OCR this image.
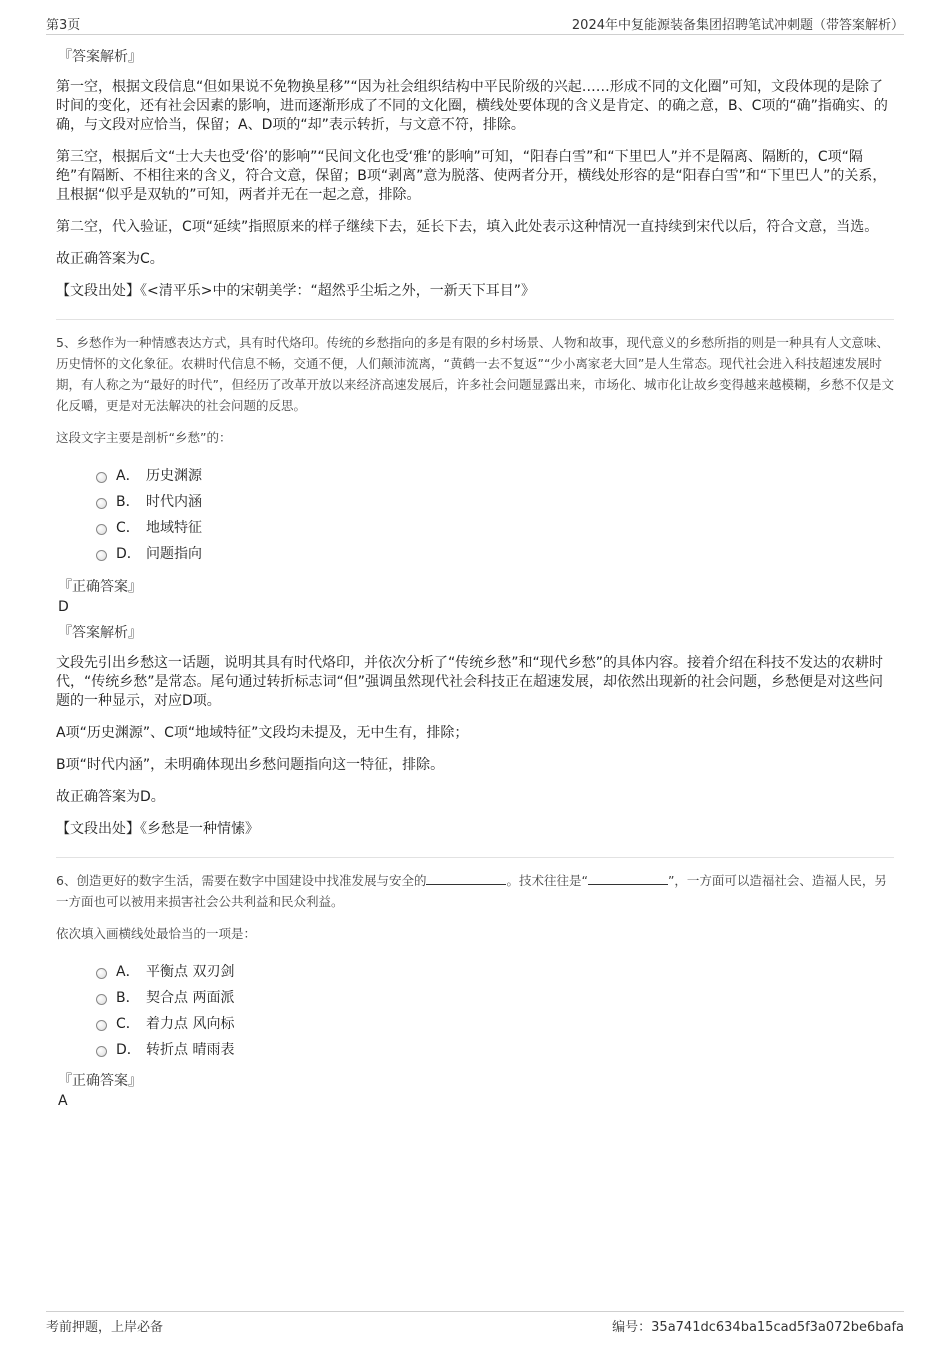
第3页	2024年中复能源装备集团招聘笔试冲刺题（带答案解析）
『答案解析』

第一空，根据文段信息“但如果说不免物换星移”“因为社会组织结构中平民阶级的兴起……形成不同的文化圈”可知，文段体现的是除了时间的变化，还有社会因素的影响，进而逐渐形成了不同的文化圈，横线处要体现的含义是肯定、的确之意，B、C项的“确”指确实、的确，与文段对应恰当，保留；A、D项的“却”表示转折，与文意不符，排除。

第三空，根据后文“士大夫也受‘俗’的影响”“民间文化也受‘雅’的影响”可知，“阳春白雪”和“下里巴人”并不是隔离、隔断的，C项“隔绝”有隔断、不相往来的含义，符合文意，保留；B项“剥离”意为脱落、使两者分开，横线处形容的是“阳春白雪”和“下里巴人”的关系，且根据“似乎是双轨的”可知，两者并无在一起之意，排除。

第二空，代入验证，C项“延续”指照原来的样子继续下去，延长下去，填入此处表示这种情况一直持续到宋代以后，符合文意，当选。

故正确答案为C。

【文段出处】《<清平乐>中的宋朝美学：“超然乎尘垢之外，一新天下耳目”》
5、乡愁作为一种情感表达方式，具有时代烙印。传统的乡愁指向的多是有限的乡村场景、人物和故事，现代意义的乡愁所指的则是一种具有人文意味、历史情怀的文化象征。农耕时代信息不畅，交通不便，人们颠沛流离，“黄鹤一去不复返”“少小离家老大回”是人生常态。现代社会进入科技超速发展时期，有人称之为“最好的时代”，但经历了改革开放以来经济高速发展后，许多社会问题显露出来，市场化、城市化让故乡变得越来越模糊，乡愁不仅是文化反嚼，更是对无法解决的社会问题的反思。
这段文字主要是剖析“乡愁”的：
A． 历史渊源
B． 时代内涵
C． 地域特征
D． 问题指向
『正确答案』
D
『答案解析』

文段先引出乡愁这一话题，说明其具有时代烙印，并依次分析了“传统乡愁”和“现代乡愁”的具体内容。接着介绍在科技不发达的农耕时代，“传统乡愁”是常态。尾句通过转折标志词“但”强调虽然现代社会科技正在超速发展，却依然出现新的社会问题，乡愁便是对这些问题的一种显示，对应D项。

A项“历史渊源”、C项“地域特征”文段均未提及，无中生有，排除；

B项“时代内涵”，未明确体现出乡愁问题指向这一特征，排除。

故正确答案为D。

【文段出处】《乡愁是一种情愫》
6、创造更好的数字生活，需要在数字中国建设中找准发展与安全的	。技术往往是“	”，一方面可以造福社会、造福人民，另一方面也可以被用来损害社会公共利益和民众利益。
依次填入画横线处最恰当的一项是：
A． 平衡点 双刃剑
B． 契合点 两面派
C． 着力点 风向标
D． 转折点 晴雨表
『正确答案』
A
考前押题，上岸必备	编号：35a741dc634ba15cad5f3a072be6bafa
